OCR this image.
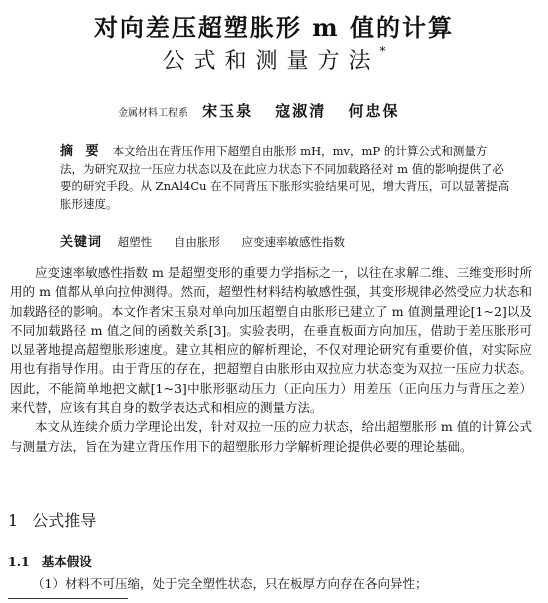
对向差压超塑胀形 m 值的计算
公式和测量方法*
金属材料工程系 宋玉泉 寇淑清 何忠保
摘 要 本文给出在背压作用下超塑自由胀形 mH，mv，mP 的计算公式和测量方法，为研究双拉一压应力状态以及在此应力状态下不同加载路径对 m 值的影响提供了必要的研究手段。从 ZnAl4Cu 在不同背压下胀形实验结果可见，增大背压，可以显著提高胀形速度。
关键词 超塑性 自由胀形 应变速率敏感性指数

应变速率敏感性指数 m 是超塑变形的重要力学指标之一，以往在求解二维、三维变形时所用的 m 值都从单向拉伸测得。然而，超塑性材料结构敏感性强，其变形规律必然受应力状态和加载路径的影响。本文作者宋玉泉对单向加压超塑自由胀形已建立了 m 值测量理论[1~2]以及不同加载路径 m 值之间的函数关系[3]。实验表明，在垂直板面方向加压，借助于差压胀形可以显著地提高超塑胀形速度。建立其相应的解析理论，不仅对理论研究有重要价值，对实际应用也有指导作用。由于背压的存在，把超塑自由胀形由双拉应力状态变为双拉一压应力状态。因此，不能简单地把文献[1~3]中胀形驱动压力（正向压力）用差压（正向压力与背压之差）来代替，应该有其自身的数学表达式和相应的测量方法。

本文从连续介质力学理论出发，针对双拉一压的应力状态，给出超塑胀形 m 值的计算公式与测量方法，旨在为建立背压作用下的超塑胀形力学解析理论提供必要的理论基础。

1 公式推导
1.1 基本假设
（1）材料不可压缩，处于完全塑性状态，只在板厚方向存在各向异性；
